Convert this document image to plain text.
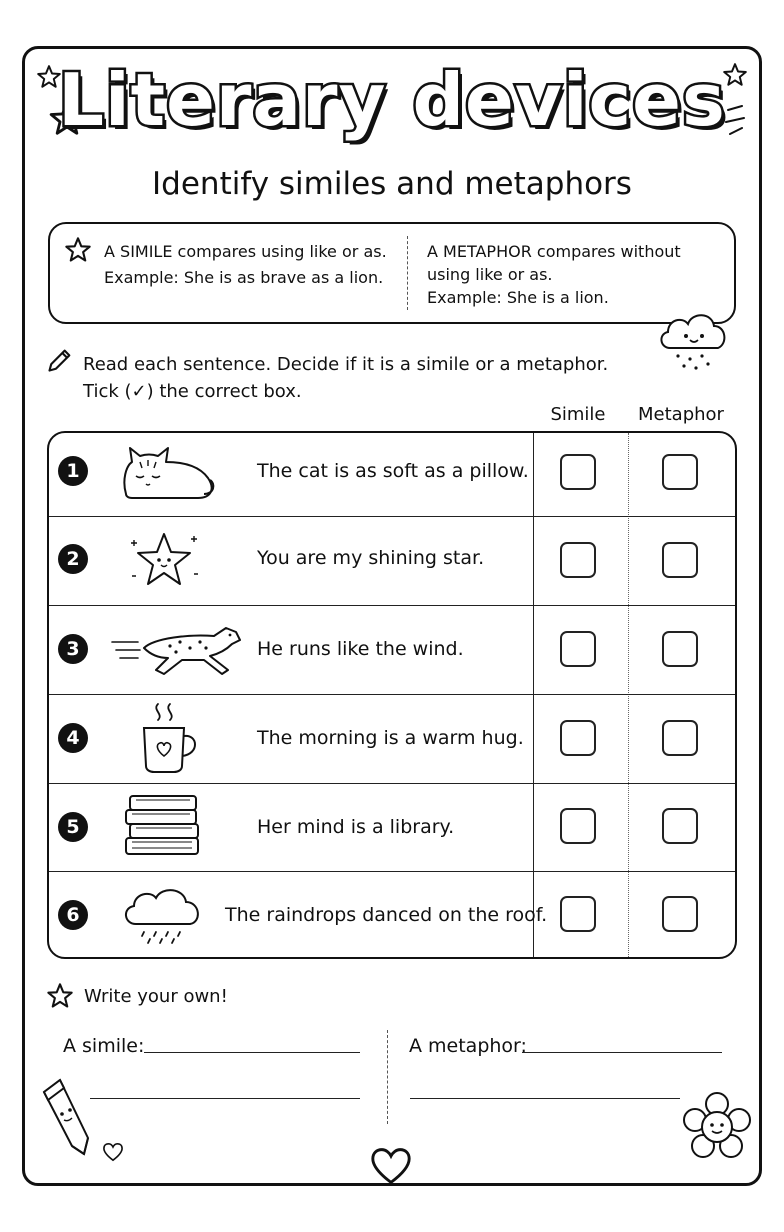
Literary devices
Identify similes and metaphors
A SIMILE compares using like or as.
Example: She is as brave as a lion.
A METAPHOR compares without
using like or as.
Example: She is a lion.
Read each sentence. Decide if it is a simile or a metaphor.
Tick (✓) the correct box.
Simile	Metaphor
1	The cat is as soft as a pillow.
2	You are my shining star.
3	He runs like the wind.
4	The morning is a warm hug.
5	Her mind is a library.
6	The raindrops danced on the roof.
Write your own!
A simile:	A metaphor:
